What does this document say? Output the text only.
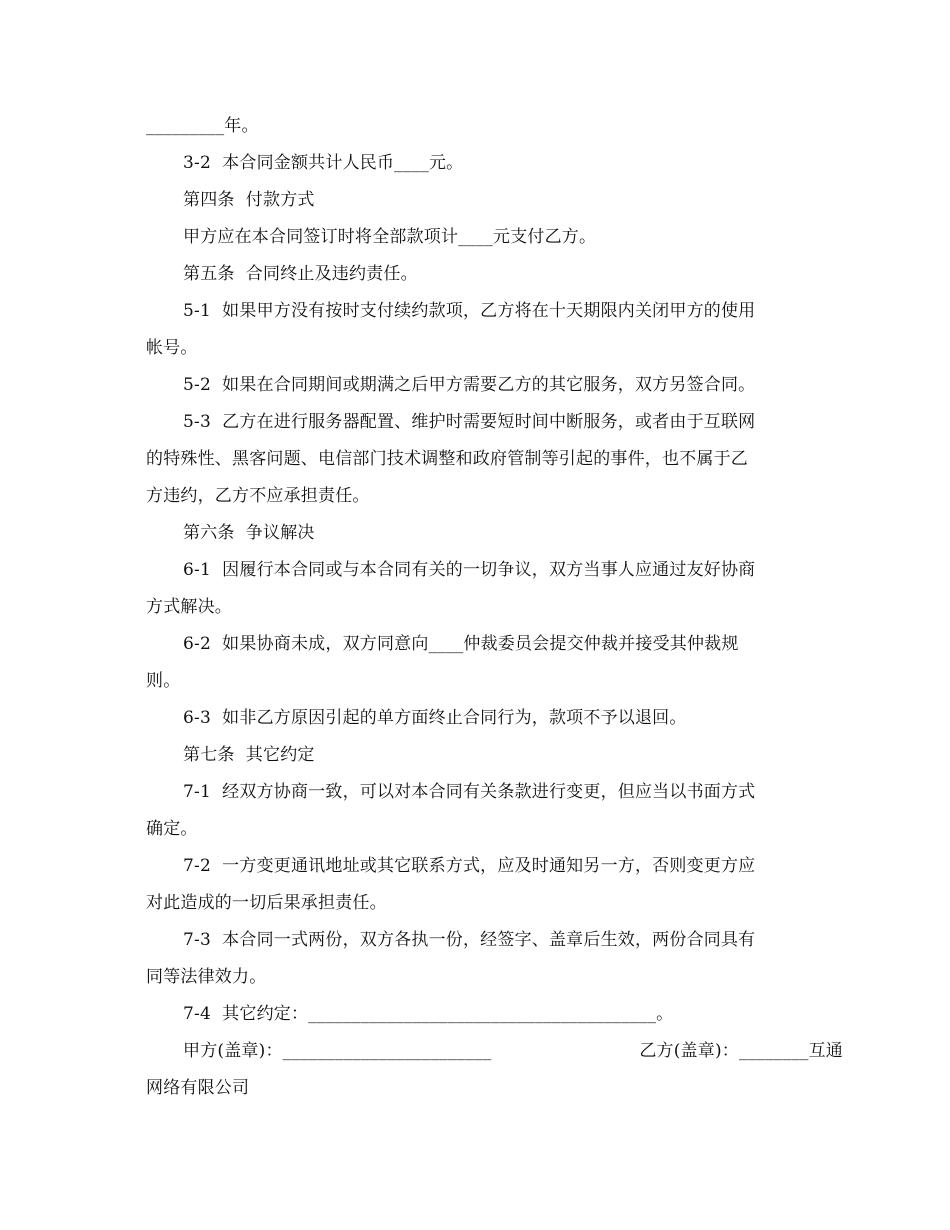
_________年。
3-2  本合同金额共计人民币____元。
第四条  付款方式
甲方应在本合同签订时将全部款项计____元支付乙方。
第五条  合同终止及违约责任。
5-1  如果甲方没有按时支付续约款项，乙方将在十天期限内关闭甲方的使用
帐号。
5-2  如果在合同期间或期满之后甲方需要乙方的其它服务，双方另签合同。
5-3  乙方在进行服务器配置、维护时需要短时间中断服务，或者由于互联网
的特殊性、黑客问题、电信部门技术调整和政府管制等引起的事件，也不属于乙
方违约，乙方不应承担责任。
第六条  争议解决
6-1  因履行本合同或与本合同有关的一切争议，双方当事人应通过友好协商
方式解决。
6-2  如果协商未成，双方同意向____仲裁委员会提交仲裁并接受其仲裁规
则。
6-3  如非乙方原因引起的单方面终止合同行为，款项不予以退回。
第七条  其它约定
7-1  经双方协商一致，可以对本合同有关条款进行变更，但应当以书面方式
确定。
7-2  一方变更通讯地址或其它联系方式，应及时通知另一方，否则变更方应
对此造成的一切后果承担责任。
7-3  本合同一式两份，双方各执一份，经签字、盖章后生效，两份合同具有
同等法律效力。
7-4  其它约定：________________________________________。
甲方(盖章)：________________________	乙方(盖章)：________互通
网络有限公司
